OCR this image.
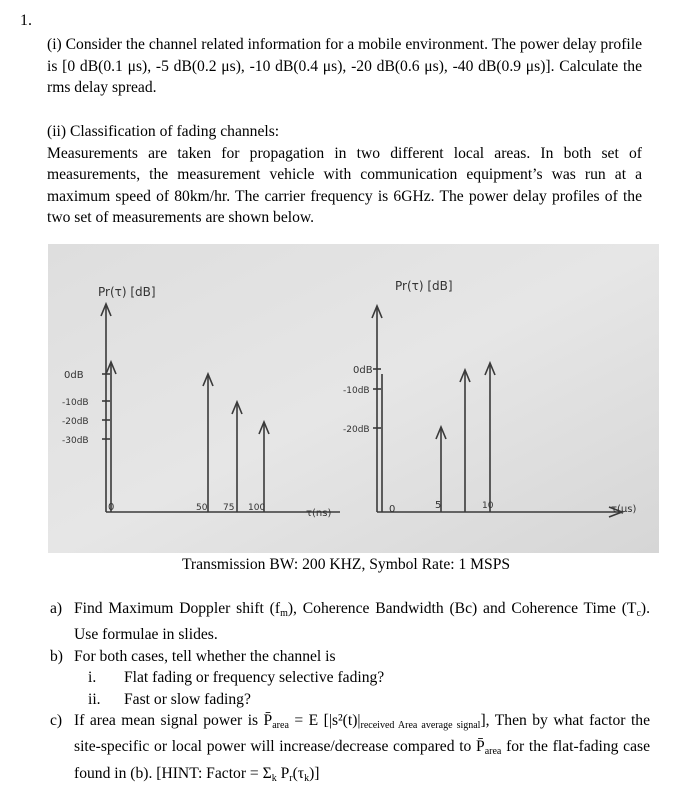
1.
(i) Consider the channel related information for a mobile environment. The power delay profile is [0 dB(0.1 μs), -5 dB(0.2 μs), -10 dB(0.4 μs), -20 dB(0.6 μs), -40 dB(0.9 μs)]. Calculate the rms delay spread.
(ii) Classification of fading channels:
Measurements are taken for propagation in two different local areas. In both set of measurements, the measurement vehicle with communication equipment’s was run at a maximum speed of 80km/hr. The carrier frequency is 6GHz. The power delay profiles of the two set of measurements are shown below.
Pr(τ) [dB]
0dB
-10dB
-20dB
-30dB
0	50 75 100	τ(ns)
Pr(τ) [dB]
0dB
-10dB
-20dB
0	5	10	τ(μs)
Transmission BW: 200 KHZ, Symbol Rate: 1 MSPS
a) Find Maximum Doppler shift $(f_m)$, Coherence Bandwidth (Bc) and Coherence Time $(T_c)$. Use formulae in slides.
b) For both cases, tell whether the channel is
i. Flat fading or frequency selective fading?
ii. Fast or slow fading?
c) If area mean signal power is $P̄_{area} = E$ $[|s^2(t)|_{received Area average signal}]$, Then by what factor the site-specific or local power will increase/decrease compared to $P̄_{area}$ for the flat-fading case found in (b). [HINT: Factor = $\Sigma_k$ $P_r(\tau_k)$]
